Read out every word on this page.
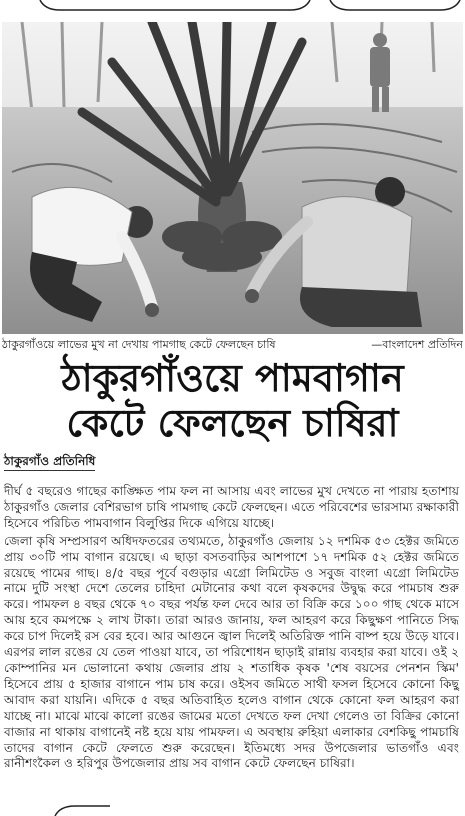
ঠাকুরগাঁওয়ে লাভের মুখ না দেখায় পামগাছ কেটে ফেলছেন চাষি	—বাংলাদেশ প্রতিদিন
ঠাকুরগাঁওয়ে পামবাগান
কেটে ফেলছেন চাষিরা
ঠাকুরগাঁও প্রতিনিধি

দীর্ঘ ৫ বছরেও গাছের কাঙ্ক্ষিত পাম ফল না আসায় এবং লাভের মুখ দেখতে না পারায় হতাশায় ঠাকুরগাঁও জেলার বেশিরভাগ চাষি পামগাছ কেটে ফেলছেন। এতে পরিবেশের ভারসাম্য রক্ষাকারী হিসেবে পরিচিত পামবাগান বিলুপ্তির দিকে এগিয়ে যাচ্ছে।

জেলা কৃষি সম্প্রসারণ অধিদফতরের তথ্যমতে, ঠাকুরগাঁও জেলায় ১২ দশমিক ৫৩ হেক্টর জমিতে প্রায় ৩০টি পাম বাগান রয়েছে। এ ছাড়া বসতবাড়ির আশপাশে ১৭ দশমিক ৫২ হেক্টর জমিতে রয়েছে পামের গাছ। ৪/৫ বছর পূর্বে বগুড়ার এগ্রো লিমিটেড ও সবুজ বাংলা এগ্রো লিমিটেড নামে দুটি সংস্থা দেশে তেলের চাহিদা মেটানোর কথা বলে কৃষকদের উদ্বুদ্ধ করে পামচাষ শুরু করে। পামফল ৪ বছর থেকে ৭০ বছর পর্যন্ত ফল দেবে আর তা বিক্রি করে ১০০ গাছ থেকে মাসে আয় হবে কমপক্ষে ২ লাখ টাকা। তারা আরও জানায়, ফল আহরণ করে কিছুক্ষণ পানিতে সিদ্ধ করে চাপ দিলেই রস বের হবে। আর আগুনে জ্বাল দিলেই অতিরিক্ত পানি বাষ্প হয়ে উড়ে যাবে। এরপর লাল রঙের যে তেল পাওয়া যাবে, তা পরিশোধন ছাড়াই রান্নায় ব্যবহার করা যাবে। ওই ২ কোম্পানির মন ভোলানো কথায় জেলার প্রায় ২ শতাধিক কৃষক 'শেষ বয়সের পেনশন স্কিম' হিসেবে প্রায় ৫ হাজার বাগানে পাম চাষ করে। ওইসব জমিতে সাথী ফসল হিসেবে কোনো কিছু আবাদ করা যায়নি। এদিকে ৫ বছর অতিবাহিত হলেও বাগান থেকে কোনো ফল আহরণ করা যাচ্ছে না। মাঝে মাঝে কালো রঙের জামের মতো দেখতে ফল দেখা গেলেও তা বিক্রির কোনো বাজার না থাকায় বাগানেই নষ্ট হয়ে যায় পামফল। এ অবস্থায় রুহিয়া এলাকার বেশকিছু পামচাষি তাদের বাগান কেটে ফেলতে শুরু করেছেন। ইতিমধ্যে সদর উপজেলার ভাতগাঁও এবং রানীশংকৈল ও হরিপুর উপজেলার প্রায় সব বাগান কেটে ফেলছেন চাষিরা।
